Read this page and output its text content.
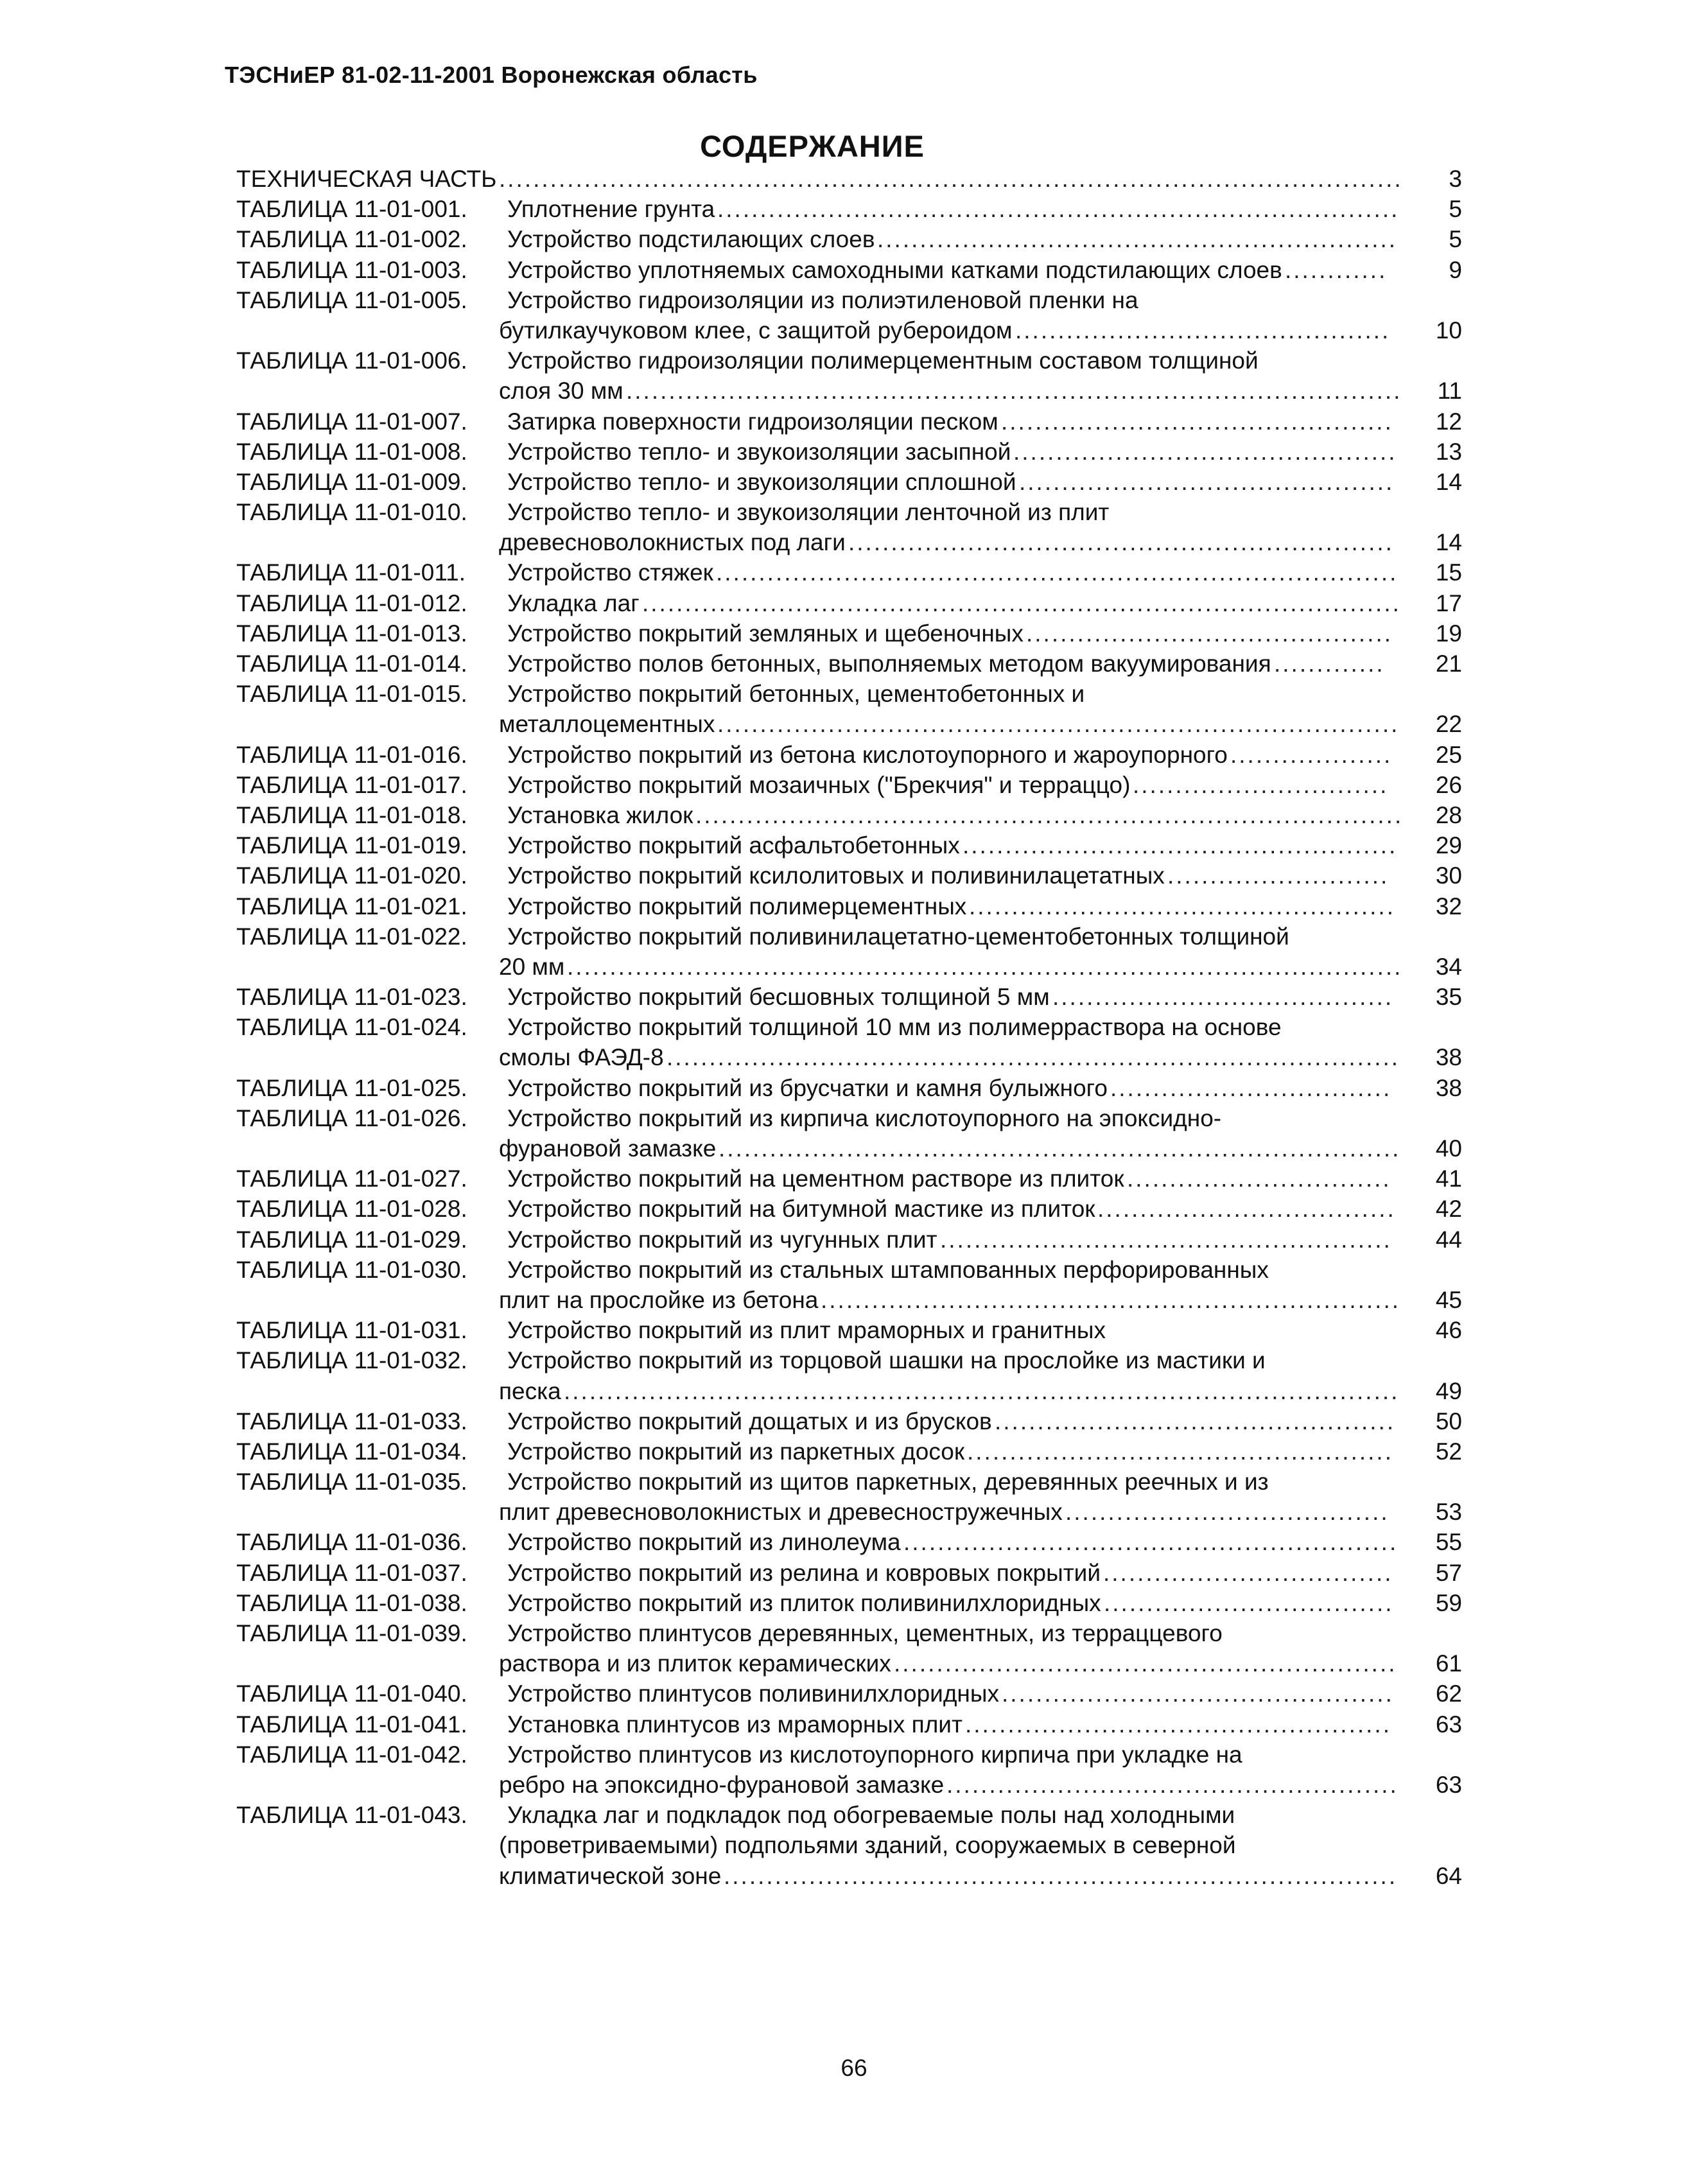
ТЭСНиЕР 81-02-11-2001 Воронежская область
СОДЕРЖАНИЕ
ТЕХНИЧЕСКАЯ ЧАСТЬ .......................................................................................................... 3
ТАБЛИЦА 11-01-001. Уплотнение грунта ................................................................................ 5
ТАБЛИЦА 11-01-002. Устройство подстилающих слоев ............................................................. 5
ТАБЛИЦА 11-01-003. Устройство уплотняемых самоходными катками подстилающих слоев ............	9
ТАБЛИЦА 11-01-005. Устройство гидроизоляции из полиэтиленовой пленки на
бутилкаучуковом клее, с защитой рубероидом ............................................ 10
ТАБЛИЦА 11-01-006. Устройство гидроизоляции полимерцементным составом толщиной
слоя 30 мм ........................................................................................... 11
ТАБЛИЦА 11-01-007. Затирка поверхности гидроизоляции песком .............................................. 12
ТАБЛИЦА 11-01-008. Устройство тепло- и звукоизоляции засыпной ............................................. 13
ТАБЛИЦА 11-01-009. Устройство тепло- и звукоизоляции сплошной ............................................ 14
ТАБЛИЦА 11-01-010. Устройство тепло- и звукоизоляции ленточной из плит
древесноволокнистых под лаги ................................................................ 14
ТАБЛИЦА 11-01-011. Устройство стяжек ................................................................................ 15
ТАБЛИЦА 11-01-012. Укладка лаг ......................................................................................... 17
ТАБЛИЦА 11-01-013. Устройство покрытий земляных и щебеночных ........................................... 19
ТАБЛИЦА 11-01-014. Устройство полов бетонных, выполняемых методом вакуумирования ............. 21
ТАБЛИЦА 11-01-015. Устройство покрытий бетонных, цементобетонных и
металлоцементных ................................................................................ 22
ТАБЛИЦА 11-01-016. Устройство покрытий из бетона кислотоупорного и жароупорного ................... 25
ТАБЛИЦА 11-01-017. Устройство покрытий мозаичных ("Брекчия" и терраццо) .............................. 26
ТАБЛИЦА 11-01-018. Установка жилок ................................................................................... 28
ТАБЛИЦА 11-01-019. Устройство покрытий асфальтобетонных ................................................... 29
ТАБЛИЦА 11-01-020. Устройство покрытий ксилолитовых и поливинилацетатных .......................... 30
ТАБЛИЦА 11-01-021. Устройство покрытий полимерцементных .................................................. 32
ТАБЛИЦА 11-01-022. Устройство покрытий поливинилацетатно-цементобетонных толщиной
20 мм .................................................................................................. 34
ТАБЛИЦА 11-01-023. Устройство покрытий бесшовных толщиной 5 мм ........................................ 35
ТАБЛИЦА 11-01-024. Устройство покрытий толщиной 10 мм из полимерраствора на основе
смолы ФАЭД-8 ...................................................................................... 38
ТАБЛИЦА 11-01-025. Устройство покрытий из брусчатки и камня булыжного ................................. 38
ТАБЛИЦА 11-01-026. Устройство покрытий из кирпича кислотоупорного на эпоксидно-
фурановой замазке ................................................................................ 40
ТАБЛИЦА 11-01-027. Устройство покрытий на цементном растворе из плиток ............................... 41
ТАБЛИЦА 11-01-028. Устройство покрытий на битумной мастике из плиток ................................... 42
ТАБЛИЦА 11-01-029. Устройство покрытий из чугунных плит ..................................................... 44
ТАБЛИЦА 11-01-030. Устройство покрытий из стальных штампованных перфорированных
плит на прослойке из бетона .................................................................... 45
ТАБЛИЦА 11-01-031. Устройство покрытий из плит мраморных и гранитных	46
ТАБЛИЦА 11-01-032. Устройство покрытий из торцовой шашки на прослойке из мастики и
песка .................................................................................................. 49
ТАБЛИЦА 11-01-033. Устройство покрытий дощатых и из брусков ............................................... 50
ТАБЛИЦА 11-01-034. Устройство покрытий из паркетных досок .................................................. 52
ТАБЛИЦА 11-01-035. Устройство покрытий из щитов паркетных, деревянных реечных и из
плит древесноволокнистых и древесностружечных ...................................... 53
ТАБЛИЦА 11-01-036. Устройство покрытий из линолеума .......................................................... 55
ТАБЛИЦА 11-01-037. Устройство покрытий из релина и ковровых покрытий .................................. 57
ТАБЛИЦА 11-01-038. Устройство покрытий из плиток поливинилхлоридных .................................. 59
ТАБЛИЦА 11-01-039. Устройство плинтусов деревянных, цементных, из терраццевого
раствора и из плиток керамических ........................................................... 61
ТАБЛИЦА 11-01-040. Устройство плинтусов поливинилхлоридных .............................................. 62
ТАБЛИЦА 11-01-041. Установка плинтусов из мраморных плит .................................................. 63
ТАБЛИЦА 11-01-042. Устройство плинтусов из кислотоупорного кирпича при укладке на
ребро на эпоксидно-фурановой замазке ..................................................... 63
ТАБЛИЦА 11-01-043. Укладка лаг и подкладок под обогреваемые полы над холодными
(проветриваемыми) подпольями зданий, сооружаемых в северной
климатической зоне ............................................................................... 64
66
